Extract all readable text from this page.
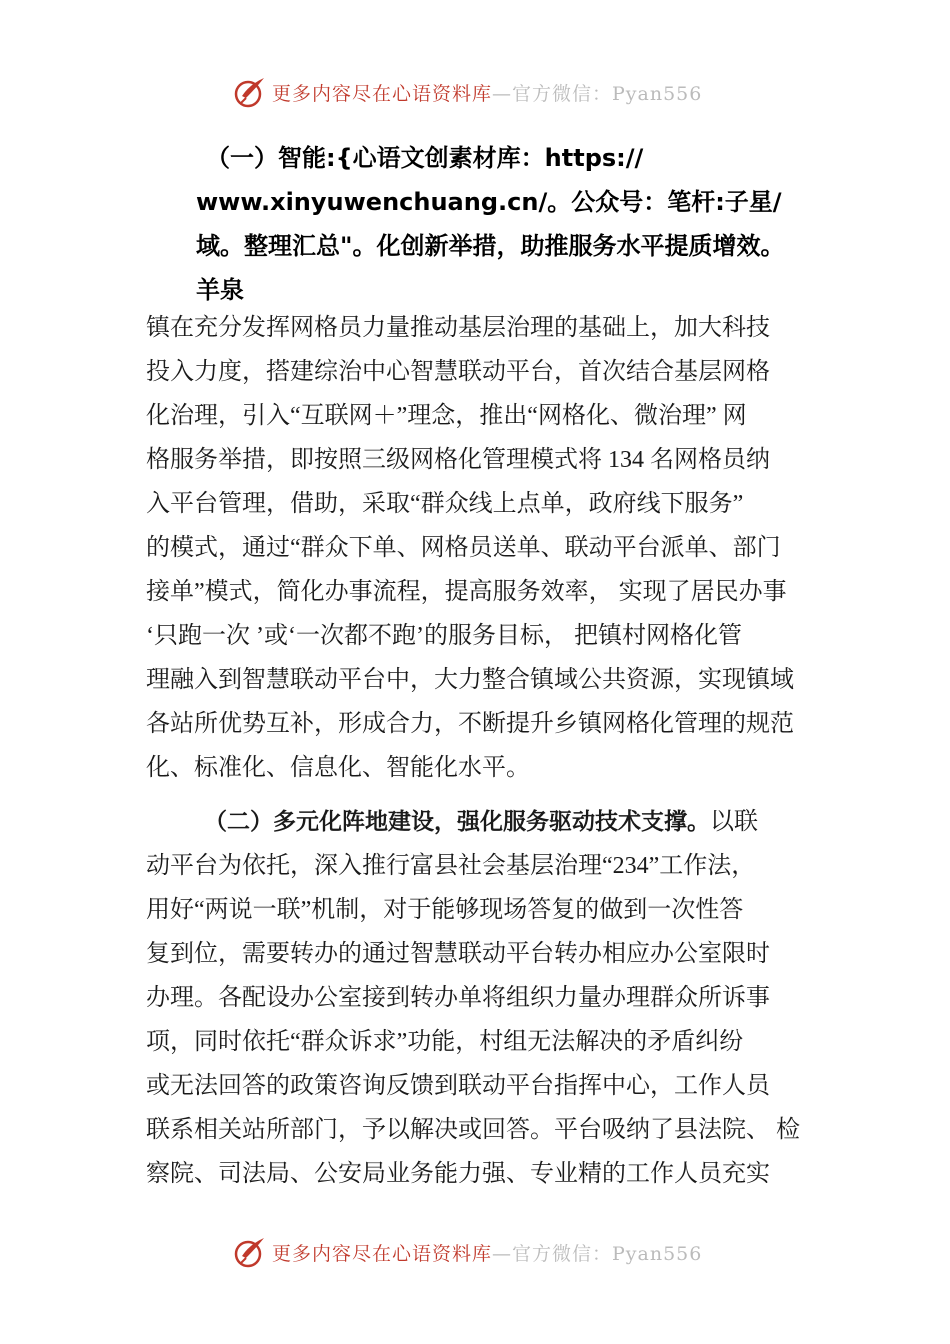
更多内容尽在心语资料库—官方微信：Pyan556
（一）智能:{心语文创素材库：https://
www.xinyuwenchuang.cn/。公众号：笔杆:子星/
域。整理汇总"。化创新举措，助推服务水平提质增效。
羊泉
镇在充分发挥网格员力量推动基层治理的基础上，加大科技
投入力度，搭建综治中心智慧联动平台，首次结合基层网格
化治理，引入“互联网＋”理念，推出“网格化、微治理” 网
格服务举措，即按照三级网格化管理模式将 134 名网格员纳
入平台管理，借助，采取“群众线上点单，政府线下服务”
的模式，通过“群众下单、网格员送单、联动平台派单、部门
接单”模式，简化办事流程，提高服务效率， 实现了居民办事
‘只跑一次 ’或‘一次都不跑’的服务目标， 把镇村网格化管
理融入到智慧联动平台中，大力整合镇域公共资源，实现镇域
各站所优势互补，形成合力，不断提升乡镇网格化管理的规范
化、标准化、信息化、智能化水平。
（二）多元化阵地建设，强化服务驱动技术支撑。以联
动平台为依托，深入推行富县社会基层治理“234”工作法，
用好“两说一联”机制，对于能够现场答复的做到一次性答
复到位，需要转办的通过智慧联动平台转办相应办公室限时
办理。各配设办公室接到转办单将组织力量办理群众所诉事
项，同时依托“群众诉求”功能，村组无法解决的矛盾纠纷
或无法回答的政策咨询反馈到联动平台指挥中心，工作人员
联系相关站所部门，予以解决或回答。平台吸纳了县法院、 检
察院、司法局、公安局业务能力强、专业精的工作人员充实
更多内容尽在心语资料库—官方微信：Pyan556
